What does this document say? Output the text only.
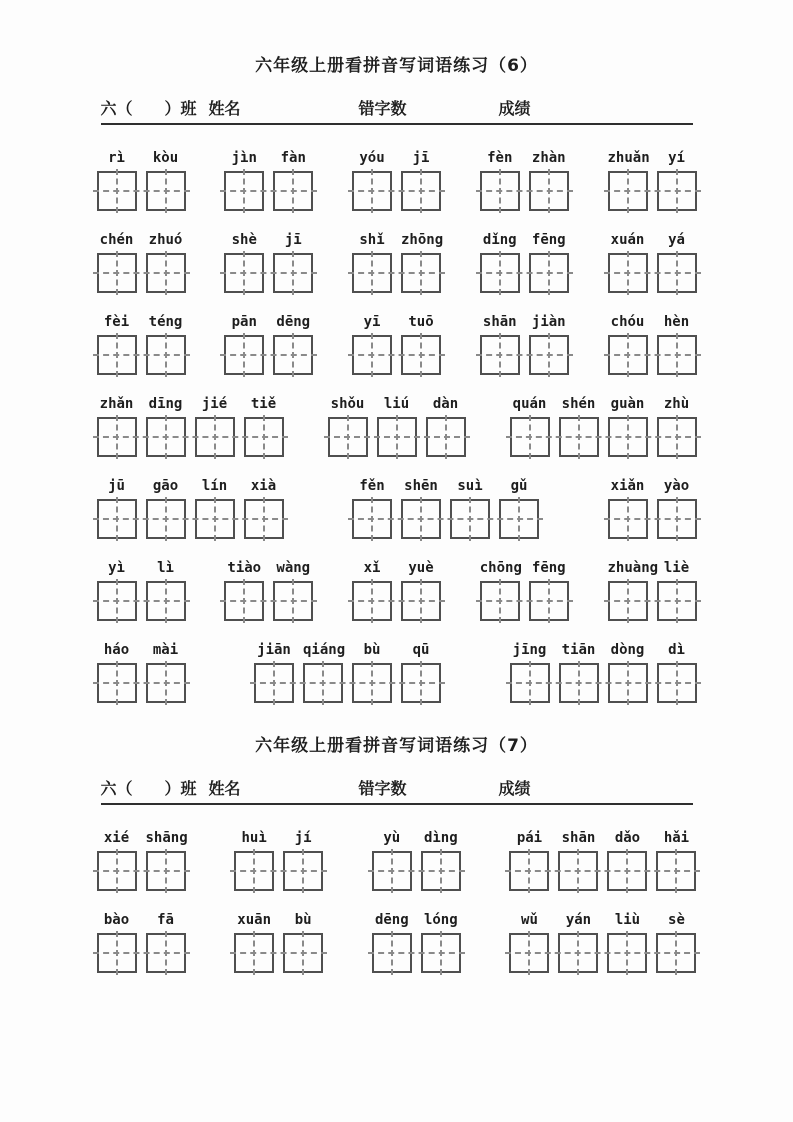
六年级上册看拼音写词语练习（6）
六（　　）班 姓名	错字数	成绩
rì	kòu	jìn	fàn	yóu	jī	fèn	zhàn	zhuǎn	yí
chén zhuó	shè	jī	shǐ	zhōng	dǐng fēng	xuán	yá
fèi	téng	pān	dēng	yī	tuō	shān jiàn	chóu	hèn
zhǎn dīng	jié	tiě	shǒu	liú	dàn	quán shén guàn	zhù
jū	gāo	lín	xià	fěn	shēn	suì	gǔ	xiǎn	yào
yì	lì	tiào wàng	xǐ	yuè	chōng fēng	zhuàng liè
háo	mài	jiān qiáng	bù	qū	jīng tiān dòng	dì
六年级上册看拼音写词语练习（7）
六（　　）班 姓名	错字数	成绩
xié	shāng	huì	jí	yù	dìng	pái	shān	dǎo	hǎi
bào	fā	xuān	bù	dēng lóng	wǔ	yán	liù	sè
